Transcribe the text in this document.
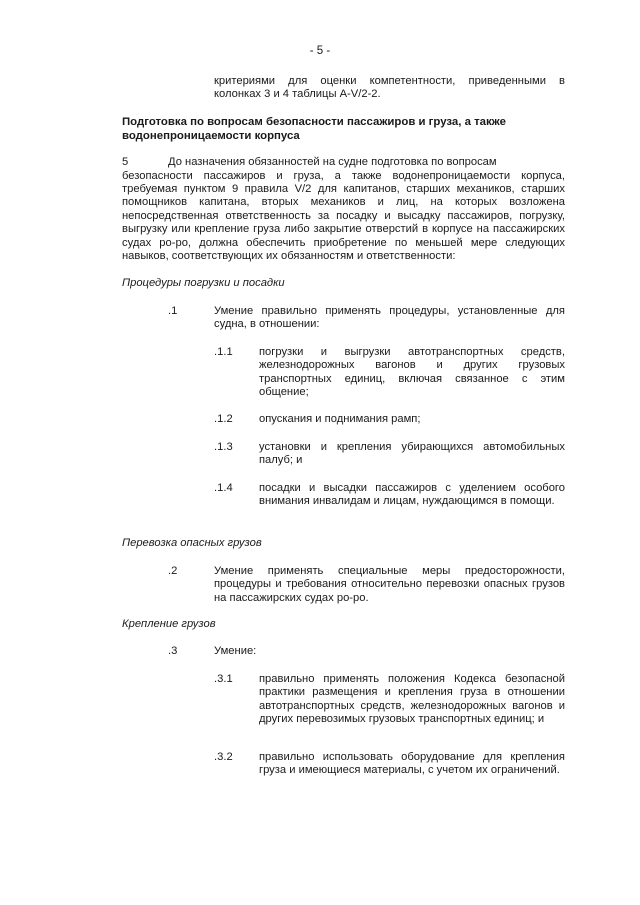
- 5 -

критериями для оценки компетентности, приведенными в колонках 3 и 4 таблицы A-V/2-2.

Подготовка по вопросам безопасности пассажиров и груза, а также водонепроницаемости корпуса

5	До назначения обязанностей на судне подготовка по вопросам

безопасности пассажиров и груза, а также водонепроницаемости корпуса, требуемая пунктом 9 правила V/2 для капитанов, старших механиков, старших помощников капитана, вторых механиков и лиц, на которых возложена непосредственная ответственность за посадку и высадку пассажиров, погрузку, выгрузку или крепление груза либо закрытие отверстий в корпусе на пассажирских судах ро-ро, должна обеспечить приобретение по меньшей мере следующих навыков, соответствующих их обязанностям и ответственности:

Процедуры погрузки и посадки

.1	Умение правильно применять процедуры, установленные для судна, в отношении:

.1.1 погрузки и выгрузки автотранспортных средств, железнодорожных вагонов и других грузовых транспортных единиц, включая связанное с этим общение;

.1.2 опускания и поднимания рамп;

.1.3 установки и крепления убирающихся автомобильных палуб; и

.1.4 посадки и высадки пассажиров с уделением особого внимания инвалидам и лицам, нуждающимся в помощи.

Перевозка опасных грузов

.2	Умение применять специальные меры предосторожности, процедуры и требования относительно перевозки опасных грузов на пассажирских судах ро-ро.

Крепление грузов

.3	Умение:

.3.1 правильно применять положения Кодекса безопасной практики размещения и крепления груза в отношении автотранспортных средств, железнодорожных вагонов и других перевозимых грузовых транспортных единиц; и

.3.2 правильно использовать оборудование для крепления груза и имеющиеся материалы, с учетом их ограничений.
